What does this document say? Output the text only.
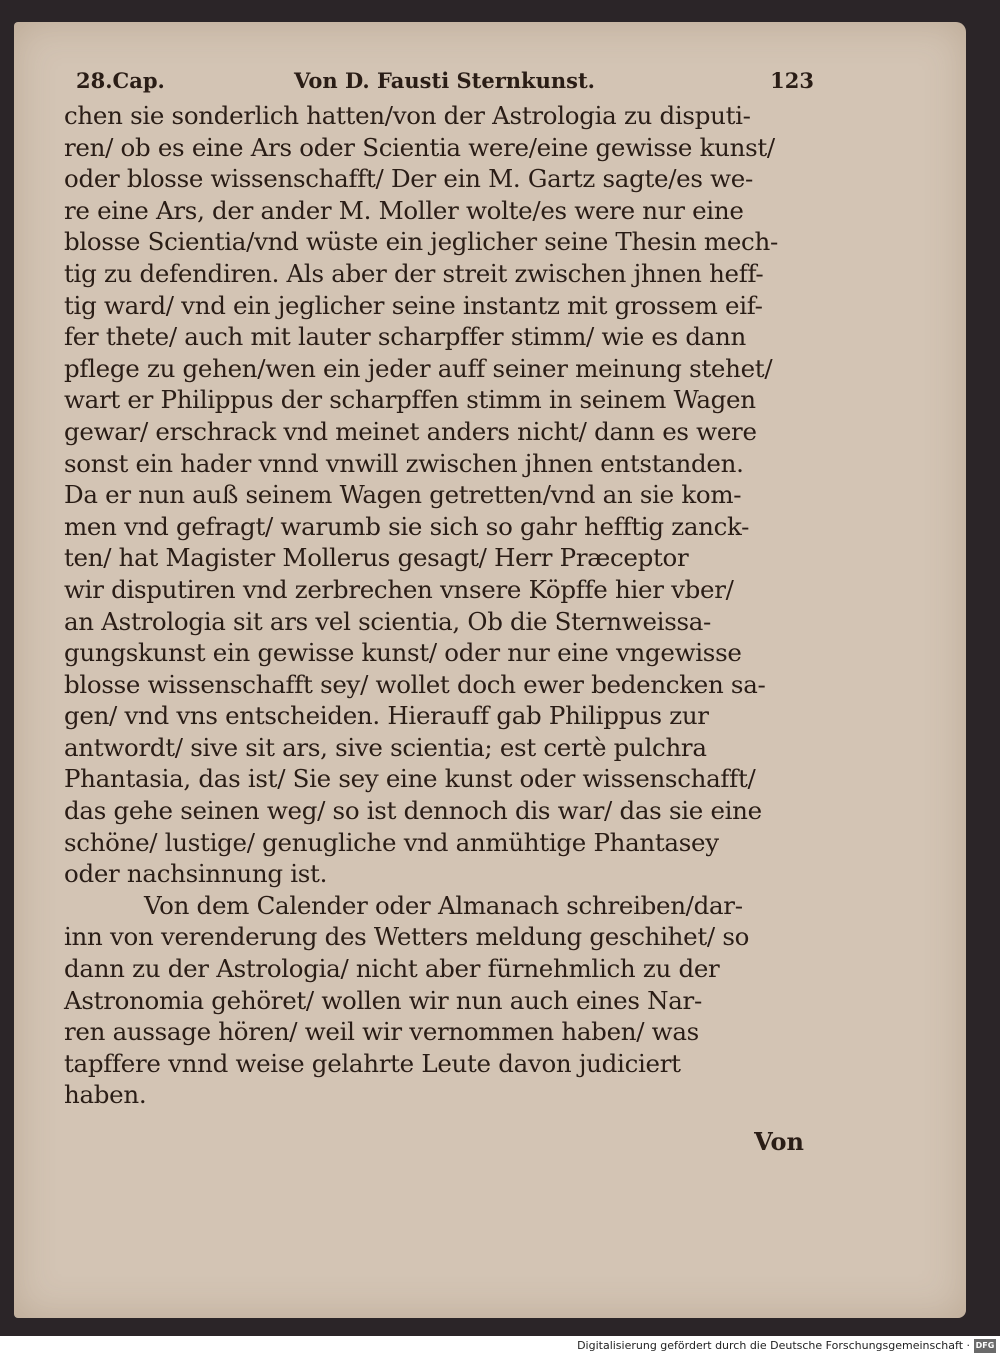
28.Cap.	Von D. Fausti Sternkunst.	123
chen sie sonderlich hatten/von der Astrologia zu disputi-
ren/ ob es eine Ars oder Scientia were/eine gewisse kunst/
oder blosse wissenschafft/ Der ein M. Gartz sagte/es we-
re eine Ars, der ander M. Moller wolte/es were nur eine
blosse Scientia/vnd wüste ein jeglicher seine Thesin mech-
tig zu defendiren. Als aber der streit zwischen jhnen heff-
tig ward/ vnd ein jeglicher seine instantz mit grossem eif-
fer thete/ auch mit lauter scharpffer stimm/ wie es dann
pflege zu gehen/wen ein jeder auff seiner meinung stehet/
wart er Philippus der scharpffen stimm in seinem Wagen
gewar/ erschrack vnd meinet anders nicht/ dann es were
sonst ein hader vnnd vnwill zwischen jhnen entstanden.
Da er nun auß seinem Wagen getretten/vnd an sie kom-
men vnd gefragt/ warumb sie sich so gahr hefftig zanck-
ten/ hat Magister Mollerus gesagt/ Herr Præceptor
wir disputiren vnd zerbrechen vnsere Köpffe hier vber/
an Astrologia sit ars vel scientia, Ob die Sternweissa-
gungskunst ein gewisse kunst/ oder nur eine vngewisse
blosse wissenschafft sey/ wollet doch ewer bedencken sa-
gen/ vnd vns entscheiden. Hierauff gab Philippus zur
antwordt/ sive sit ars, sive scientia; est certè pulchra
Phantasia, das ist/ Sie sey eine kunst oder wissenschafft/
das gehe seinen weg/ so ist dennoch dis war/ das sie eine
schöne/ lustige/ genugliche vnd anmühtige Phantasey
oder nachsinnung ist.
Von dem Calender oder Almanach schreiben/dar-
inn von verenderung des Wetters meldung geschihet/ so
dann zu der Astrologia/ nicht aber fürnehmlich zu der
Astronomia gehöret/ wollen wir nun auch eines Nar-
ren aussage hören/ weil wir vernommen haben/ was
tapffere vnnd weise gelahrte Leute davon judiciert
haben.
Von
Digitalisierung gefördert durch die Deutsche Forschungsgemeinschaft · DFG
